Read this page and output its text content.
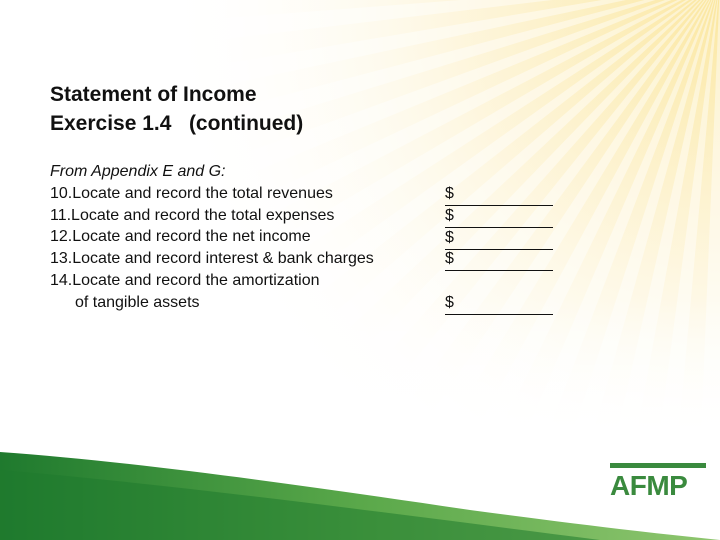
Statement of Income
Exercise 1.4   (continued)
From Appendix E and G:
10.Locate and record the total revenues
11.Locate and record the total expenses
12.Locate and record the net income
13.Locate and record interest & bank charges
14.Locate and record the amortization
of tangible assets
$
$
$
$
$
AFMP
